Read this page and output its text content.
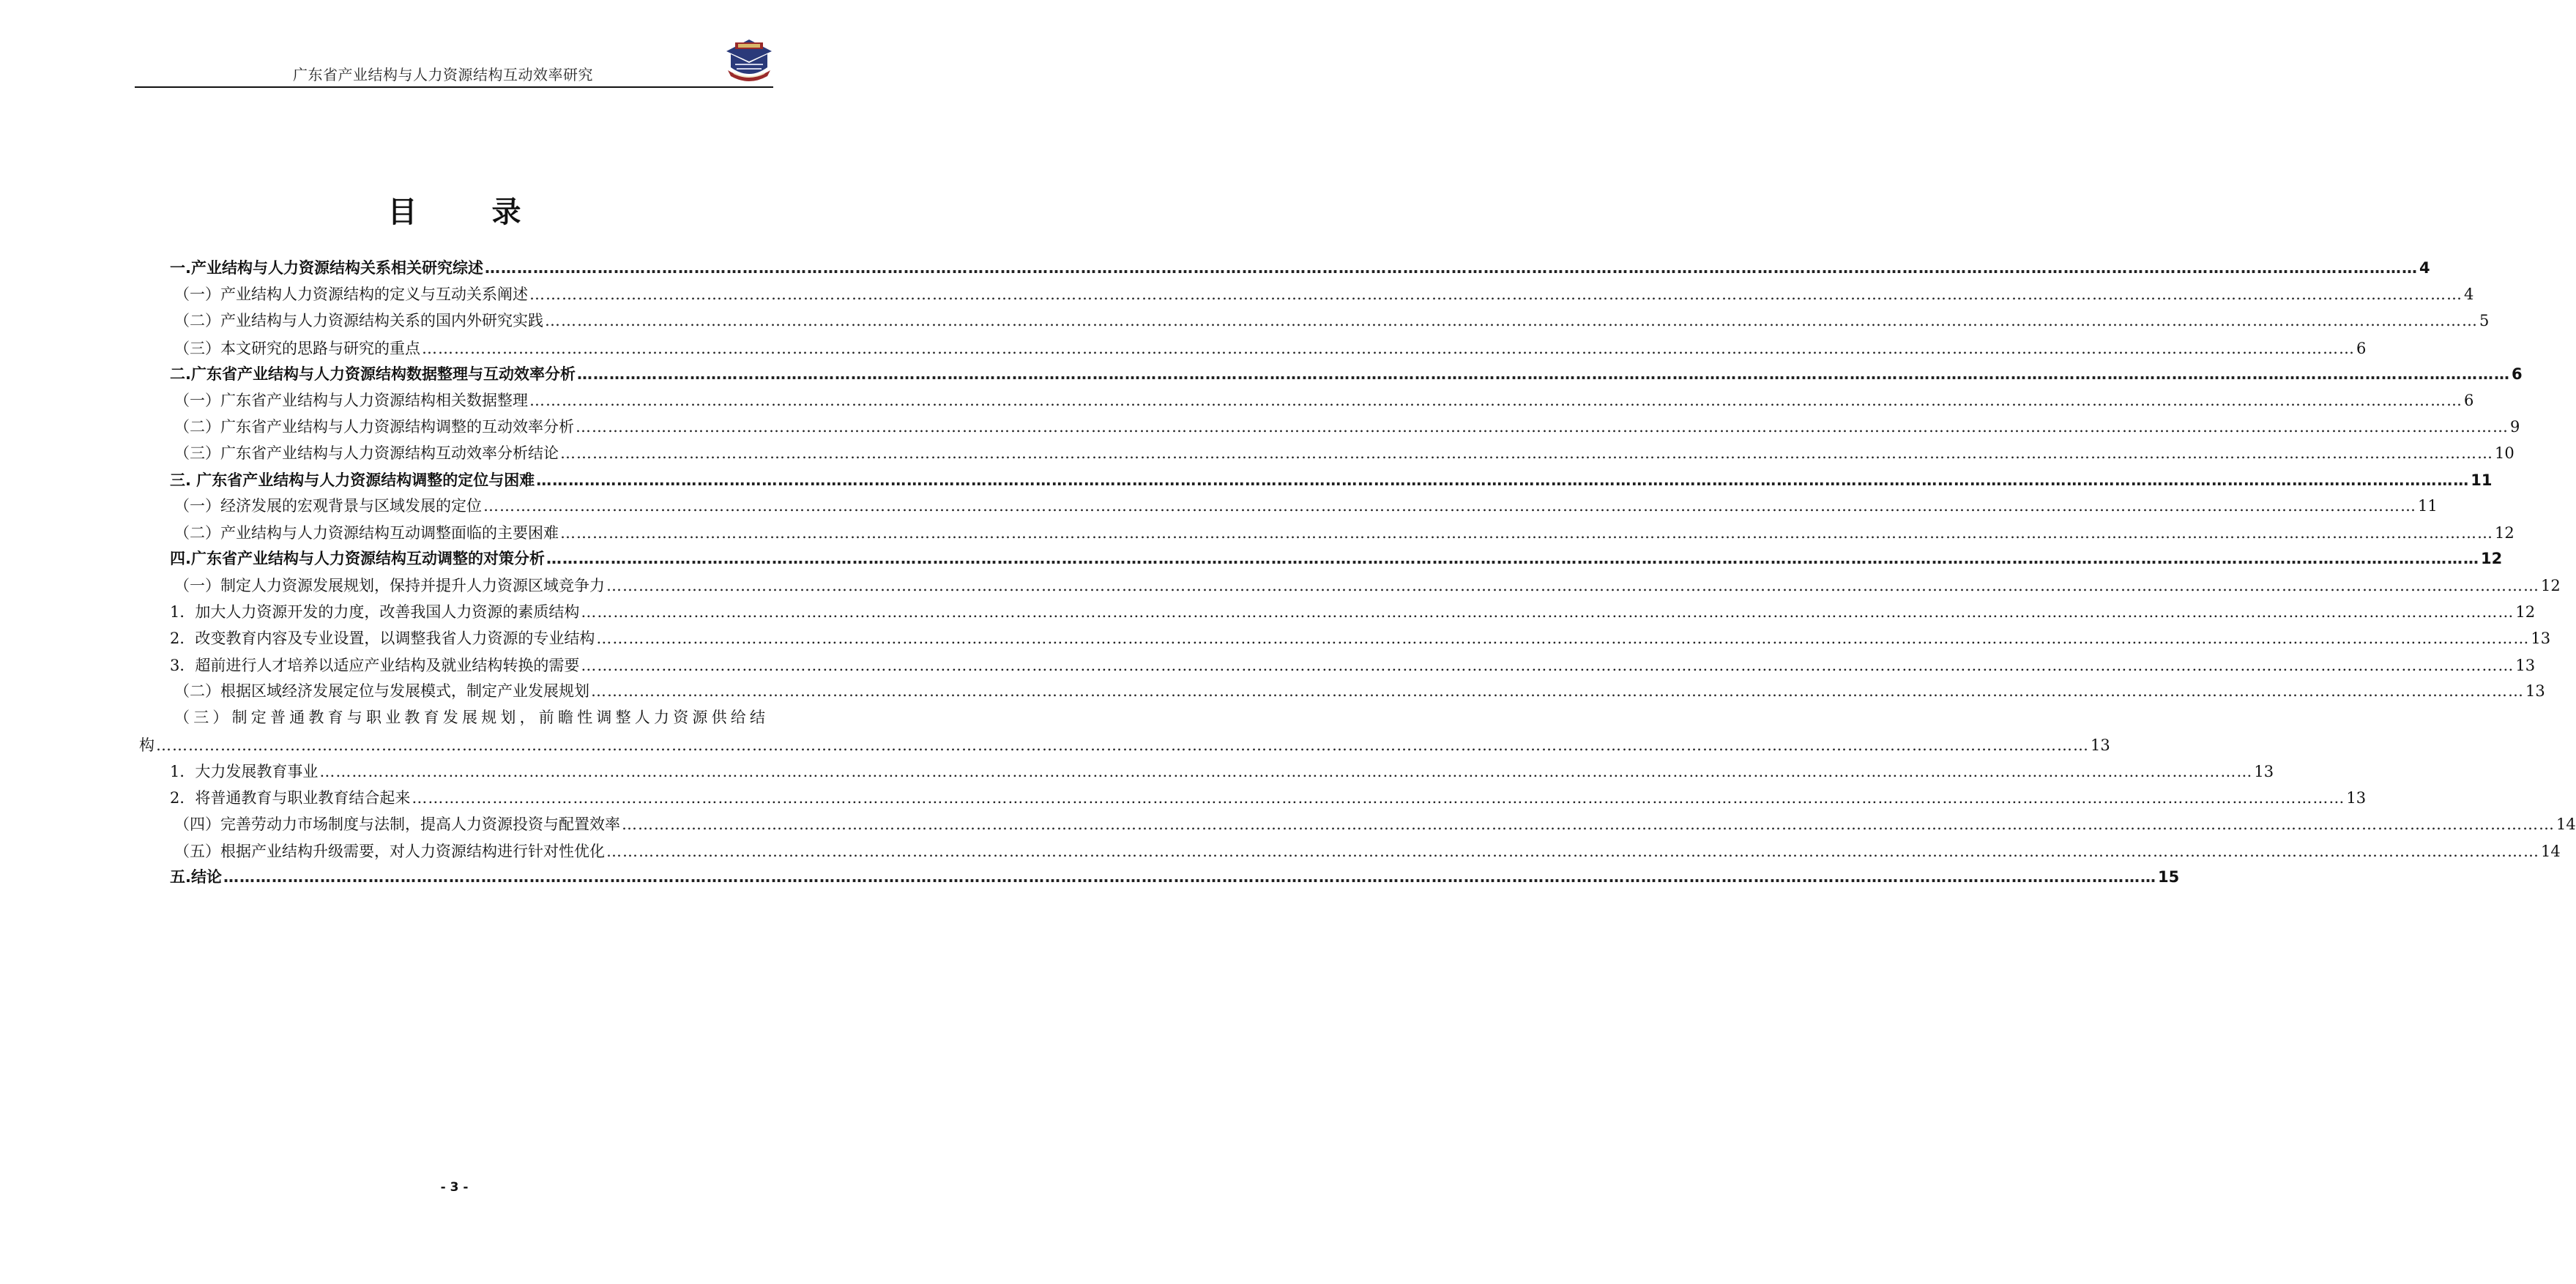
广东省产业结构与人力资源结构互动效率研究
目 录
（三）制定普通教育与职业教育发展规划，前瞻性调整人力资源供给结
一.产业结构与人力资源结构关系相关研究综述 ……………………………………………………………………………………………………………………………………………………………………………………………………………………………………………………………………………………………………………………………… 4
（一）产业结构人力资源结构的定义与互动关系阐述 ……………………………………………………………………………………………………………………………………………………………………………………………………………………………………………………………………………………………………………………………… 4
（二）产业结构与人力资源结构关系的国内外研究实践 ……………………………………………………………………………………………………………………………………………………………………………………………………………………………………………………………………………………………………………………………… 5
（三）本文研究的思路与研究的重点 ……………………………………………………………………………………………………………………………………………………………………………………………………………………………………………………………………………………………………………………………… 6
二.广东省产业结构与人力资源结构数据整理与互动效率分析 ……………………………………………………………………………………………………………………………………………………………………………………………………………………………………………………………………………………………………………………………… 6
（一）广东省产业结构与人力资源结构相关数据整理 ……………………………………………………………………………………………………………………………………………………………………………………………………………………………………………………………………………………………………………………………… 6
（二）广东省产业结构与人力资源结构调整的互动效率分析 ……………………………………………………………………………………………………………………………………………………………………………………………………………………………………………………………………………………………………………………………… 9
（三）广东省产业结构与人力资源结构互动效率分析结论 ……………………………………………………………………………………………………………………………………………………………………………………………………………………………………………………………………………………………………………………………… 10
三. 广东省产业结构与人力资源结构调整的定位与困难 ……………………………………………………………………………………………………………………………………………………………………………………………………………………………………………………………………………………………………………………………… 11
（一）经济发展的宏观背景与区域发展的定位 ……………………………………………………………………………………………………………………………………………………………………………………………………………………………………………………………………………………………………………………………… 11
（二）产业结构与人力资源结构互动调整面临的主要困难 ……………………………………………………………………………………………………………………………………………………………………………………………………………………………………………………………………………………………………………………………… 12
四.广东省产业结构与人力资源结构互动调整的对策分析 ……………………………………………………………………………………………………………………………………………………………………………………………………………………………………………………………………………………………………………………………… 12
（一）制定人力资源发展规划，保持并提升人力资源区域竞争力 ……………………………………………………………………………………………………………………………………………………………………………………………………………………………………………………………………………………………………………………………… 12
1．加大人力资源开发的力度，改善我国人力资源的素质结构 ……………………………………………………………………………………………………………………………………………………………………………………………………………………………………………………………………………………………………………………………… 12
2．改变教育内容及专业设置，以调整我省人力资源的专业结构 ……………………………………………………………………………………………………………………………………………………………………………………………………………………………………………………………………………………………………………………………… 13
3．超前进行人才培养以适应产业结构及就业结构转换的需要 ……………………………………………………………………………………………………………………………………………………………………………………………………………………………………………………………………………………………………………………………… 13
（二）根据区域经济发展定位与发展模式，制定产业发展规划 ……………………………………………………………………………………………………………………………………………………………………………………………………………………………………………………………………………………………………………………………… 13
构 ……………………………………………………………………………………………………………………………………………………………………………………………………………………………………………………………………………………………………………………………… 13
1．大力发展教育事业 ……………………………………………………………………………………………………………………………………………………………………………………………………………………………………………………………………………………………………………………………… 13
2．将普通教育与职业教育结合起来 ……………………………………………………………………………………………………………………………………………………………………………………………………………………………………………………………………………………………………………………………… 13
（四）完善劳动力市场制度与法制，提高人力资源投资与配置效率 ……………………………………………………………………………………………………………………………………………………………………………………………………………………………………………………………………………………………………………………………… 14
（五）根据产业结构升级需要，对人力资源结构进行针对性优化 ……………………………………………………………………………………………………………………………………………………………………………………………………………………………………………………………………………………………………………………………… 14
五.结论 ……………………………………………………………………………………………………………………………………………………………………………………………………………………………………………………………………………………………………………………………… 15
- 3 -
